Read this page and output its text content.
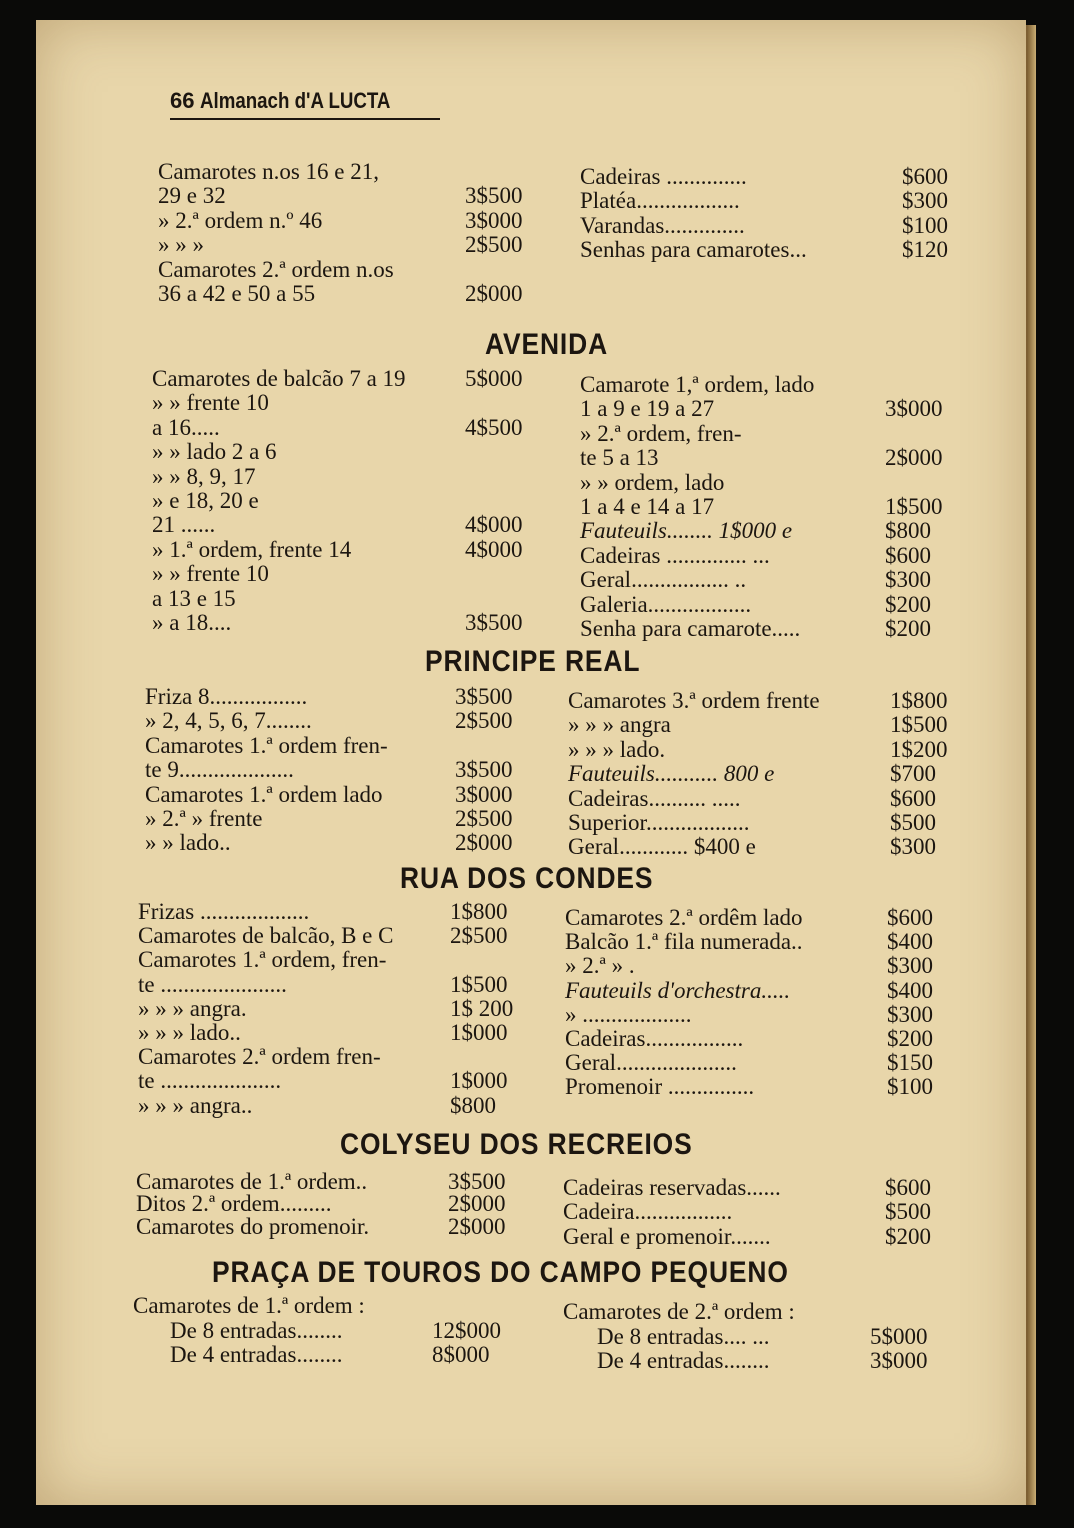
66 Almanach d'A LUCTA
Camarotes n.os 16 e 21,
29 e 32	3$500
» 2.ª ordem n.º 46	3$000
» » »	2$500
Camarotes 2.ª ordem n.os
36 a 42 e 50 a 55	2$000
Cadeiras ..............	$600
Platéa..................	$300
Varandas..............	$100
Senhas para camarotes...	$120
AVENIDA
Camarotes de balcão 7 a 19	5$000
» » frente 10
a 16.....	4$500
» » lado 2 a 6
» » 8, 9, 17
» e 18, 20 e
21 ......	4$000
» 1.ª ordem, frente 14	4$000
» » frente 10
a 13 e 15
» a 18....	3$500
Camarote 1,ª ordem, lado
1 a 9 e 19 a 27	3$000
» 2.ª ordem, fren-
te 5 a 13	2$000
» » ordem, lado
1 a 4 e 14 a 17	1$500
Fauteuils........ 1$000 e	$800
Cadeiras .............. ...	$600
Geral................. ..	$300
Galeria..................	$200
Senha para camarote.....	$200
PRINCIPE REAL
Friza 8.................	3$500
» 2, 4, 5, 6, 7........	2$500
Camarotes 1.ª ordem fren-
te 9....................	3$500
Camarotes 1.ª ordem lado	3$000
» 2.ª » frente	2$500
» » lado..	2$000
Camarotes 3.ª ordem frente	1$800
» » » angra	1$500
» » » lado.	1$200
Fauteuils........... 800 e	$700
Cadeiras.......... .....	$600
Superior..................	$500
Geral............ $400 e	$300
RUA DOS CONDES
Frizas ...................	1$800
Camarotes de balcão, B e C 2$500
Camarotes 1.ª ordem, fren-
te ......................	1$500
» » » angra.	1$ 200
» » » lado..	1$000
Camarotes 2.ª ordem fren-
te .....................	1$000
» » » angra..	$800
Camarotes 2.ª ordêm lado	$600
Balcão 1.ª fila numerada..	$400
» 2.ª » .	$300
Fauteuils d'orchestra.....	$400
» ...................	$300
Cadeiras.................	$200
Geral.....................	$150
Promenoir ...............	$100
COLYSEU DOS RECREIOS
Camarotes de 1.ª ordem..	3$500
Ditos 2.ª ordem.........	2$000
Camarotes do promenoir.	2$000
Cadeiras reservadas......	$600
Cadeira.................	$500
Geral e promenoir.......	$200
PRAÇA DE TOUROS DO CAMPO PEQUENO
Camarotes de 1.ª ordem :	Camarotes de 2.ª ordem :
De 8 entradas........	12$000
De 4 entradas........	8$000
De 8 entradas.... ...	5$000
De 4 entradas........	3$000
